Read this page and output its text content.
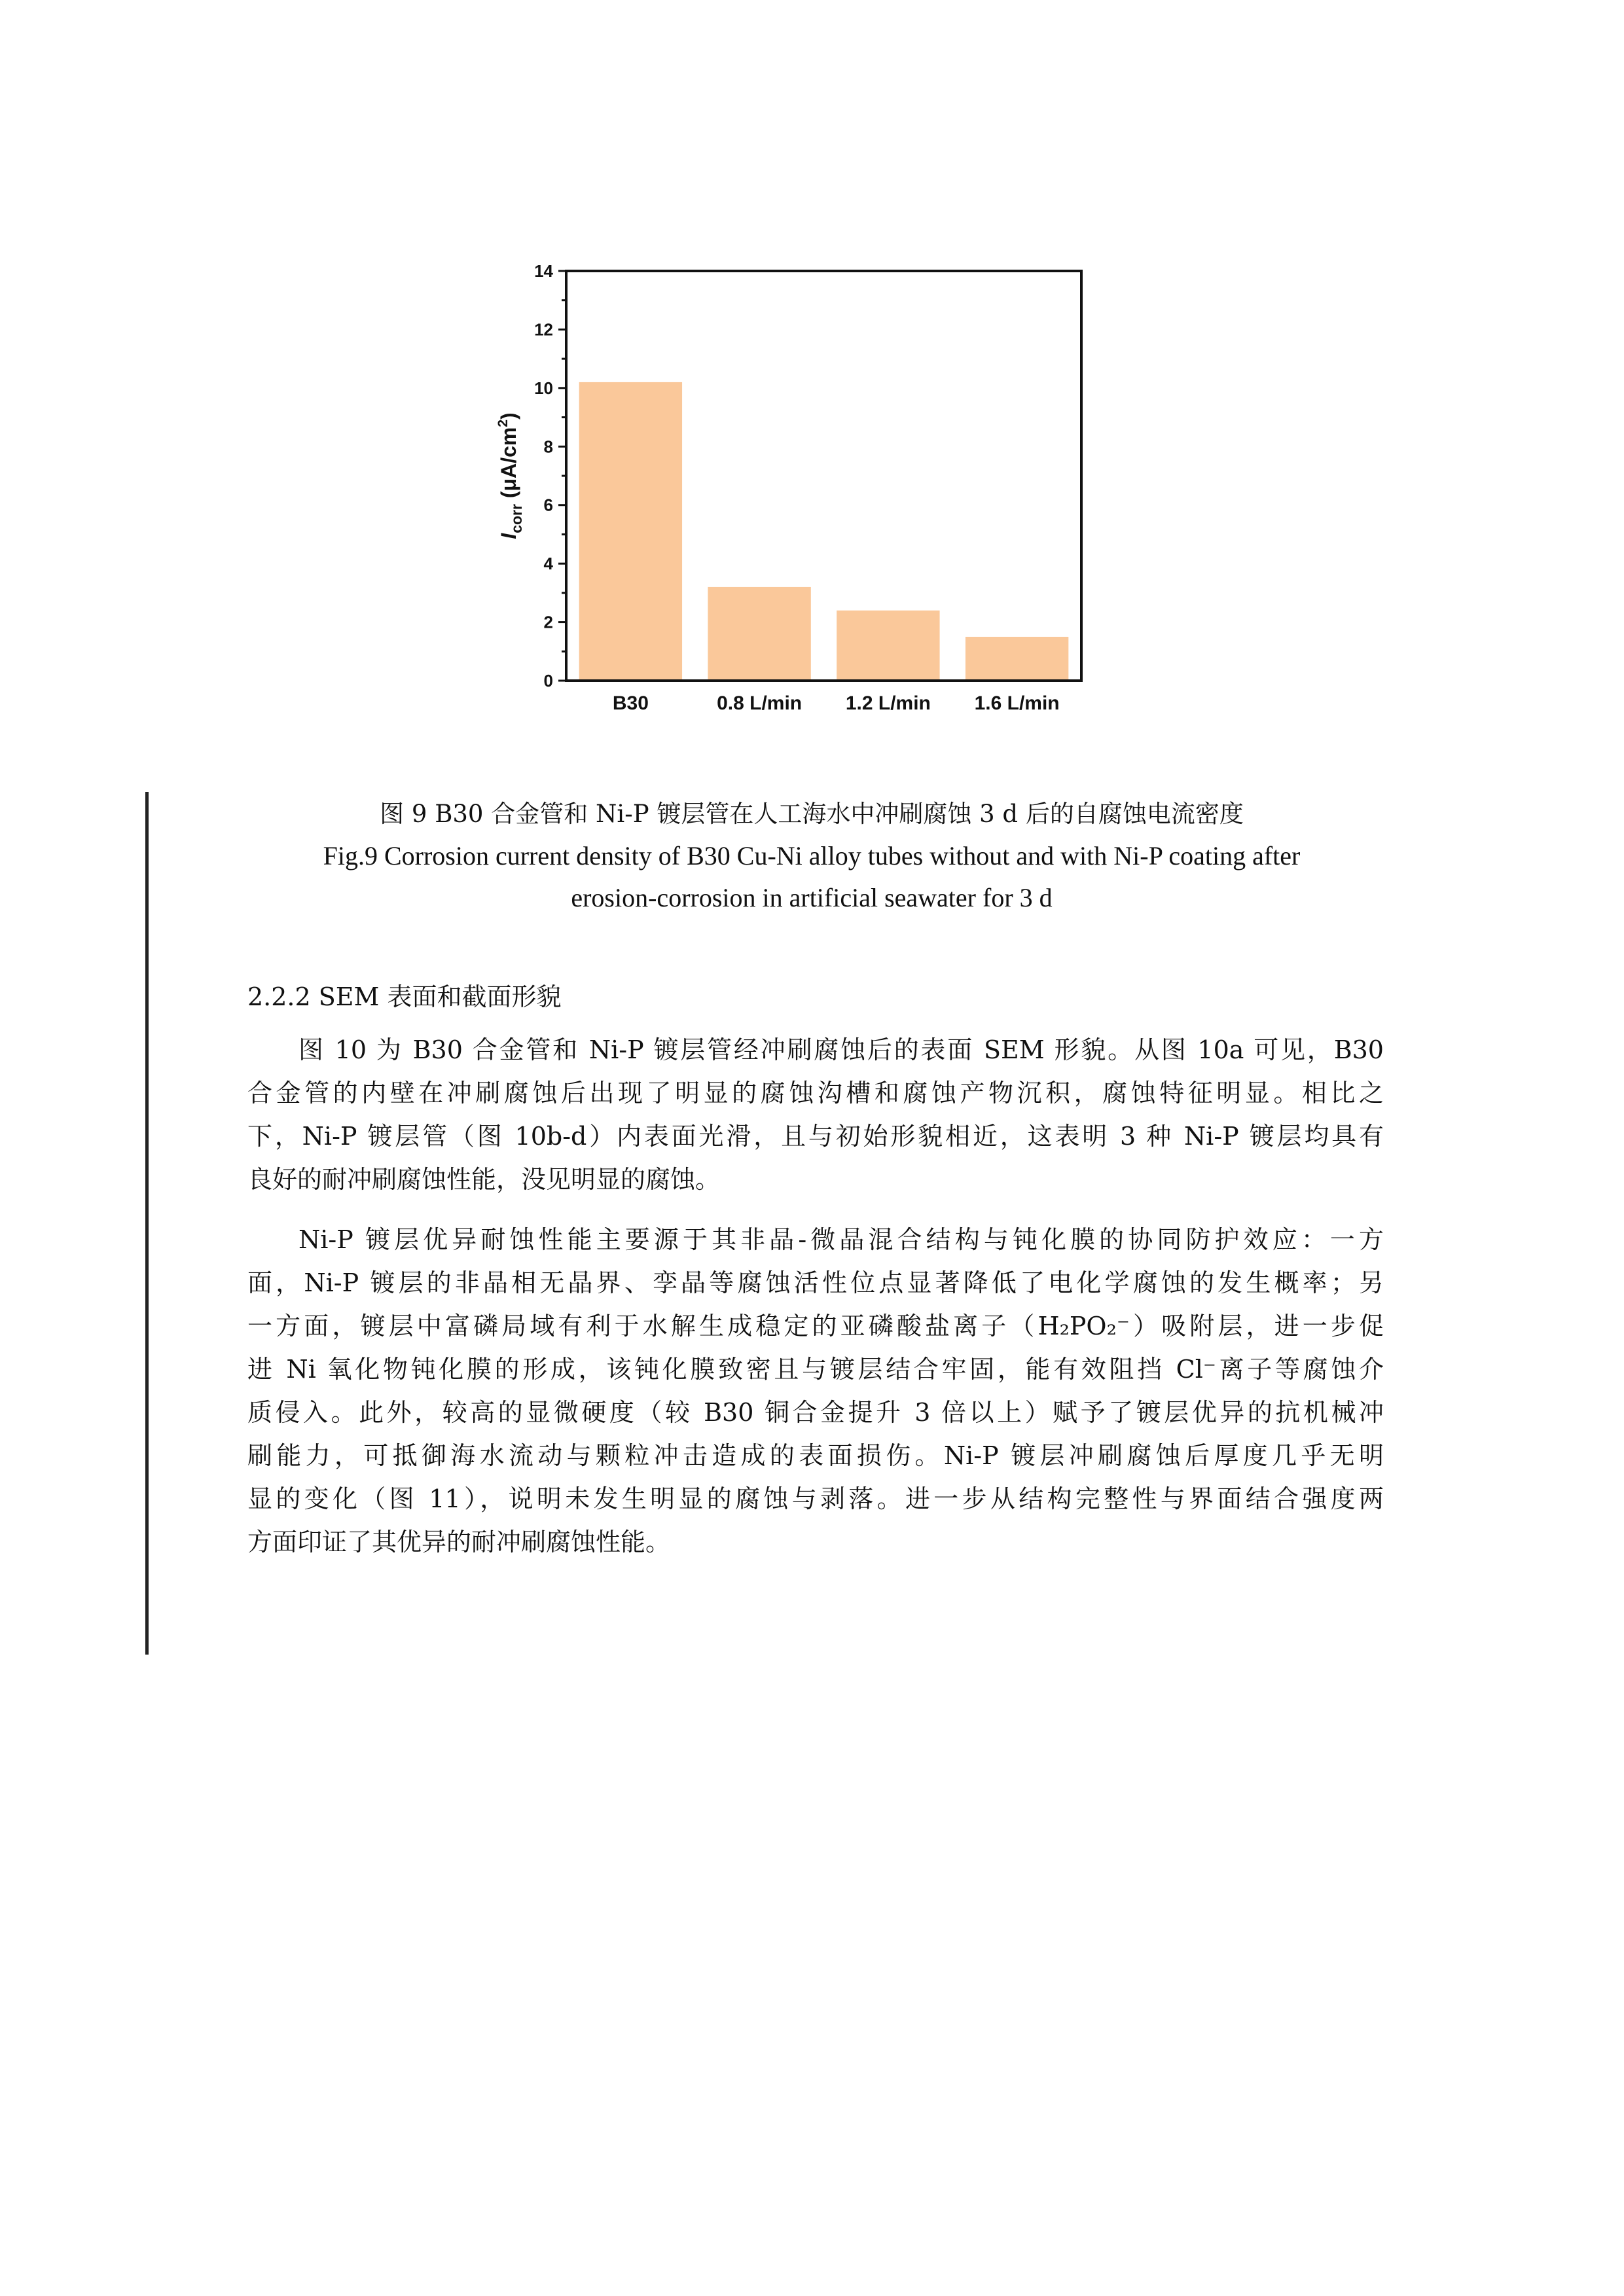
B30	0.8 L/min 1.2 L/min 1.6 L/min
0
2
4
6
8
10
12
14
$I_{corr}$ $(\mu A/cm^2)$

图 9 B30 合金管和 Ni-P 镀层管在人工海水中冲刷腐蚀 3 d 后的自腐蚀电流密度

Fig.9 Corrosion current density of B30 Cu-Ni alloy tubes without and with Ni-P coating after

erosion-corrosion in artificial seawater for 3 d

2.2.2 SEM 表面和截面形貌

图 10 为 B30 合金管和 Ni-P 镀层管经冲刷腐蚀后的表面 SEM 形貌。从图 10a 可见，B30

合金管的内壁在冲刷腐蚀后出现了明显的腐蚀沟槽和腐蚀产物沉积，腐蚀特征明显。相比之

下，Ni-P 镀层管（图 10b-d）内表面光滑，且与初始形貌相近，这表明 3 种 Ni-P 镀层均具有

良好的耐冲刷腐蚀性能，没见明显的腐蚀。

Ni-P 镀层优异耐蚀性能主要源于其非晶-微晶混合结构与钝化膜的协同防护效应：一方

面，Ni-P 镀层的非晶相无晶界、孪晶等腐蚀活性位点显著降低了电化学腐蚀的发生概率；另

一方面，镀层中富磷局域有利于水解生成稳定的亚磷酸盐离子（H₂PO₂⁻）吸附层，进一步促

进 Ni 氧化物钝化膜的形成，该钝化膜致密且与镀层结合牢固，能有效阻挡 Cl⁻离子等腐蚀介

质侵入。此外，较高的显微硬度（较 B30 铜合金提升 3 倍以上）赋予了镀层优异的抗机械冲

刷能力，可抵御海水流动与颗粒冲击造成的表面损伤。Ni-P 镀层冲刷腐蚀后厚度几乎无明

显的变化（图 11），说明未发生明显的腐蚀与剥落。进一步从结构完整性与界面结合强度两

方面印证了其优异的耐冲刷腐蚀性能。
